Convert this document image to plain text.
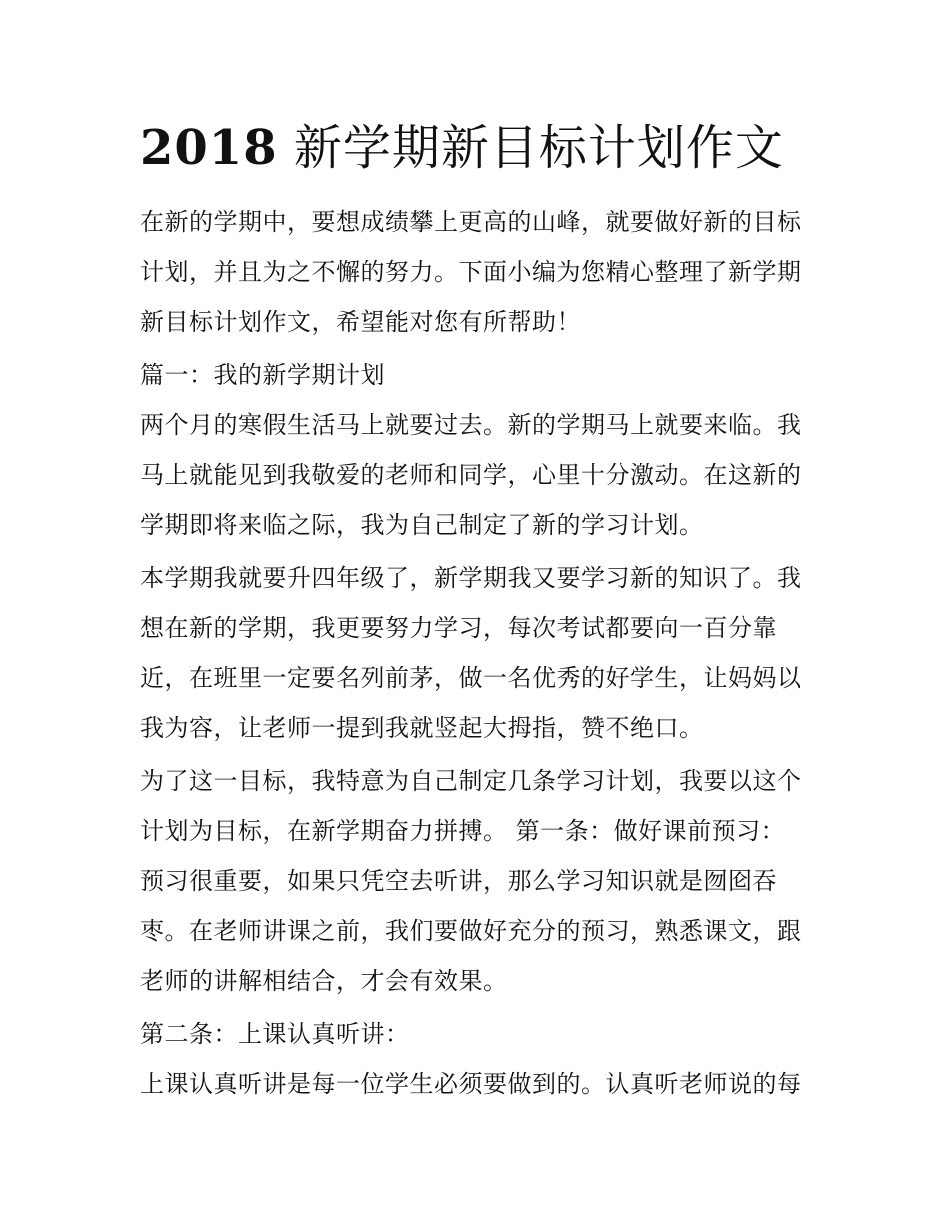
2018 新学期新目标计划作文

在新的学期中，要想成绩攀上更高的山峰，就要做好新的目标

计划，并且为之不懈的努力。下面小编为您精心整理了新学期

新目标计划作文，希望能对您有所帮助！

篇一：我的新学期计划

两个月的寒假生活马上就要过去。新的学期马上就要来临。我

马上就能见到我敬爱的老师和同学，心里十分激动。在这新的

学期即将来临之际，我为自己制定了新的学习计划。

本学期我就要升四年级了，新学期我又要学习新的知识了。我

想在新的学期，我更要努力学习，每次考试都要向一百分靠

近，在班里一定要名列前茅，做一名优秀的好学生，让妈妈以

我为容，让老师一提到我就竖起大拇指，赞不绝口。

为了这一目标，我特意为自己制定几条学习计划，我要以这个

计划为目标，在新学期奋力拼搏。 第一条：做好课前预习：

预习很重要，如果只凭空去听讲，那么学习知识就是囫囵吞

枣。在老师讲课之前，我们要做好充分的预习，熟悉课文，跟

老师的讲解相结合，才会有效果。

第二条：上课认真听讲：

上课认真听讲是每一位学生必须要做到的。认真听老师说的每
